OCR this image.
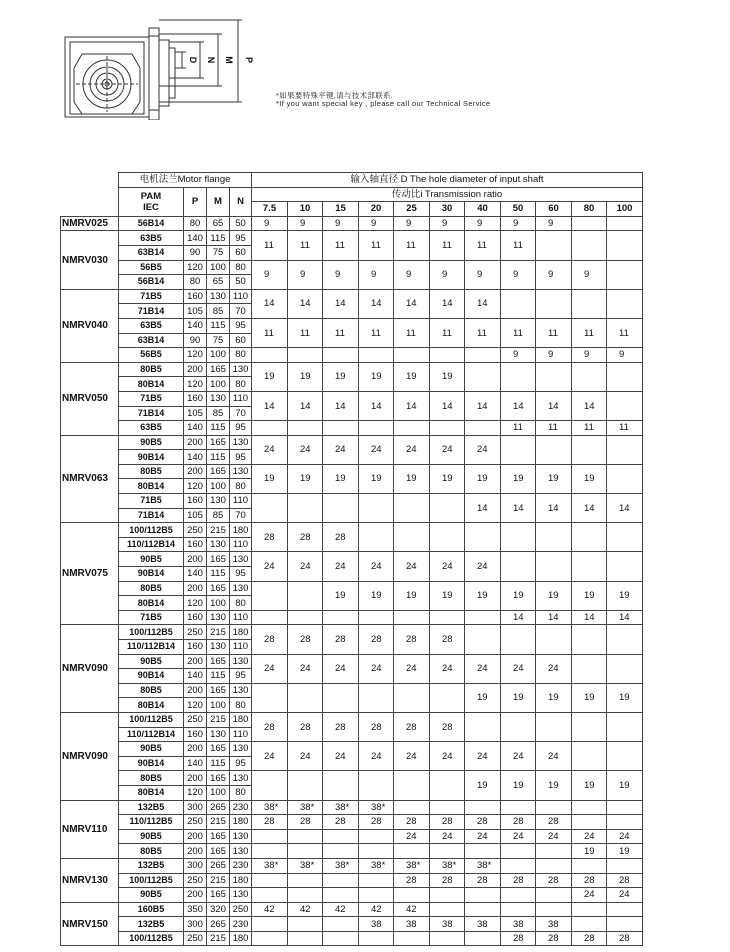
D N M P
*如果要特殊平键,请与技术部联系.
*If you want special key , please call our Technical Service
	电机法兰Motor flange				输入轴直径 D The hole diameter of input shaft										
	PAM
IEC	P	M	N	传动比i Transmission ratio										
					7.5	10	15	20	25	30	40	50	60	80	100
NMRV025	56B14	80	65	50	9	9	9	9	9	9	9	9	9		
NMRV030	63B5	140	115	95	11	11	11	11	11	11	11	11			
	63B14	90	75	60											
	56B5	120	100	80	9	9	9	9	9	9	9	9	9	9	
	56B14	80	65	50											
NMRV040	71B5	160	130	110	14	14	14	14	14	14	14				
	71B14	105	85	70											
	63B5	140	115	95	11	11	11	11	11	11	11	11	11	11	11
	63B14	90	75	60											
	56B5	120	100	80								9	9	9	9
NMRV050	80B5	200	165	130	19	19	19	19	19	19					
	80B14	120	100	80											
	71B5	160	130	110	14	14	14	14	14	14	14	14	14	14	
	71B14	105	85	70											
	63B5	140	115	95								11	11	11	11
NMRV063	90B5	200	165	130	24	24	24	24	24	24	24				
	90B14	140	115	95											
	80B5	200	165	130	19	19	19	19	19	19	19	19	19	19	
	80B14	120	100	80											
	71B5	160	130	110							14	14	14	14	14
	71B14	105	85	70											
NMRV075	100/112B5	250	215	180	28	28	28								
	110/112B14	160	130	110											
	90B5	200	165	130	24	24	24	24	24	24	24				
	90B14	140	115	95											
	80B5	200	165	130			19	19	19	19	19	19	19	19	19
	80B14	120	100	80											
	71B5	160	130	110								14	14	14	14
NMRV090	100/112B5	250	215	180	28	28	28	28	28	28					
	110/112B14	160	130	110											
	90B5	200	165	130	24	24	24	24	24	24	24	24	24		
	90B14	140	115	95											
	80B5	200	165	130							19	19	19	19	19
	80B14	120	100	80											
NMRV090	100/112B5	250	215	180	28	28	28	28	28	28					
	110/112B14	160	130	110											
	90B5	200	165	130	24	24	24	24	24	24	24	24	24		
	90B14	140	115	95											
	80B5	200	165	130							19	19	19	19	19
	80B14	120	100	80											
NMRV110	132B5	300	265	230	38*	38*	38*	38*							
	110/112B5	250	215	180	28	28	28	28	28	28	28	28	28		
	90B5	200	165	130					24	24	24	24	24	24	24
	80B5	200	165	130										19	19
NMRV130	132B5	300	265	230	38*	38*	38*	38*	38*	38*	38*				
	100/112B5	250	215	180					28	28	28	28	28	28	28
	90B5	200	165	130										24	24
NMRV150	160B5	350	320	250	42	42	42	42	42						
	132B5	300	265	230				38	38	38	38	38	38		
	100/112B5	250	215	180								28	28	28	28
